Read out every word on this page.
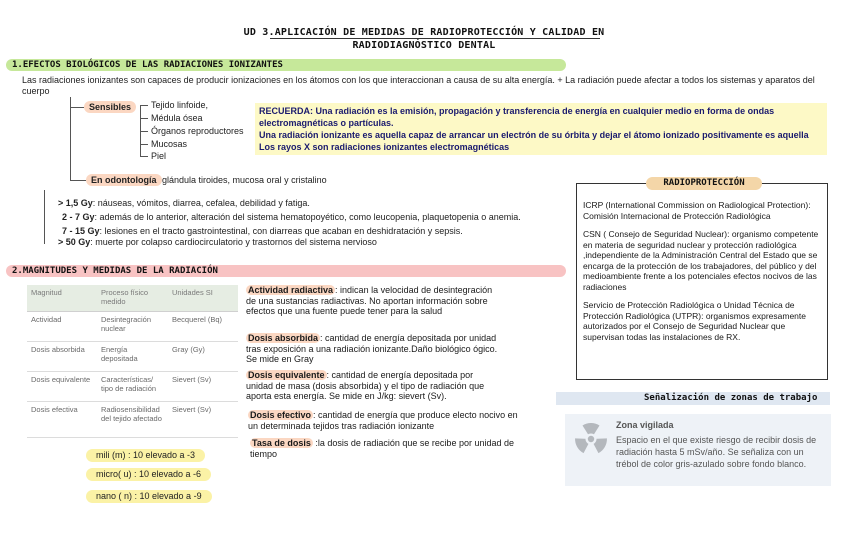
UD 3.APLICACIÓN DE MEDIDAS DE RADIOPROTECCIÓN Y CALIDAD EN
RADIODIAGNÓSTICO DENTAL
1.EFECTOS BIOLÓGICOS DE LAS RADIACIONES IONIZANTES
Las radiaciones ionizantes son capaces de producir ionizaciones en los átomos con los que interaccionan a causa de su alta energía. + La radiación puede afectar a todos los sistemas y aparatos del cuerpo
Sensibles	Tejido linfoide,
Médula ósea
Órganos reproductores
Mucosas
Piel
RECUERDA: Una radiación es la emisión, propagación y transferencia de energía en cualquier medio en forma de ondas electromagnéticas o partículas.
Una radiación ionizante es aquella capaz de arrancar un electrón de su órbita y dejar el átomo ionizado positivamente es aquella
Los rayos X son radiaciones ionizantes electromagnéticas
En odontología glándula tiroides, mucosa oral y cristalino
> 1,5 Gy: náuseas, vómitos, diarrea, cefalea, debilidad y fatiga.
2 - 7 Gy: además de lo anterior, alteración del sistema hematopoyético, como leucopenia, plaquetopenia o anemia.
7 - 15 Gy: lesiones en el tracto gastrointestinal, con diarreas que acaban en deshidratación y sepsis.
> 50 Gy: muerte por colapso cardiocirculatorio y trastornos del sistema nervioso
2.MAGNITUDES Y MEDIDAS DE LA RADIACIÓN
Magnitud	Proceso físico medido	Unidades SI
Actividad	Desintegración nuclear	Becquerel (Bq)
Dosis absorbida	Energía depositada	Gray (Gy)
Dosis equivalente	Características/ tipo de radiación	Sievert (Sv)
Dosis efectiva	Radiosensibilidad del tejido afectado	Sievert (Sv)
Actividad radiactiva : indican la velocidad de desintegración de una sustancias radiactivas. No aportan información sobre efectos que una fuente puede tener para la salud
Dosis absorbida : cantidad de energía depositada por unidad tras exposición a una radiación ionizante.Daño biológico ógico. Se mide en Gray
Dosis equivalente : cantidad de energía depositada por unidad de masa (dosis absorbida) y el tipo de radiación que aporta esta energía. Se mide en J/kg: sievert (Sv).
Dosis efectivo : cantidad de energía que produce electo nocivo en un determinada tejidos tras radiación ionizante
Tasa de dosis :la dosis de radiación que se recibe por unidad de tiempo
mili (m) : 10 elevado a -3
micro( u) : 10 elevado a -6
nano ( n) : 10 elevado a -9
ICRP (International Commission on Radiological Protection): Comisión Internacional de Protección Radiológica
CSN ( Consejo de Seguridad Nuclear): organismo competente en materia de seguridad nuclear y protección radiológica ,independiente de la Administración Central del Estado que se encarga de la protección de los trabajadores, del público y del medioambiente frente a los potenciales efectos nocivos de las radiaciones
Servicio de Protección Radiológica o Unidad Técnica de Protección Radiológica (UTPR): organismos expresamente autorizados por el Consejo de Seguridad Nuclear que supervisan todas las instalaciones de RX.
RADIOPROTECCIÓN
Señalización de zonas de trabajo
Zona vigilada
Espacio en el que existe riesgo de recibir dosis de radiación hasta 5 mSv/año. Se señaliza con un trébol de color gris-azulado sobre fondo blanco.
